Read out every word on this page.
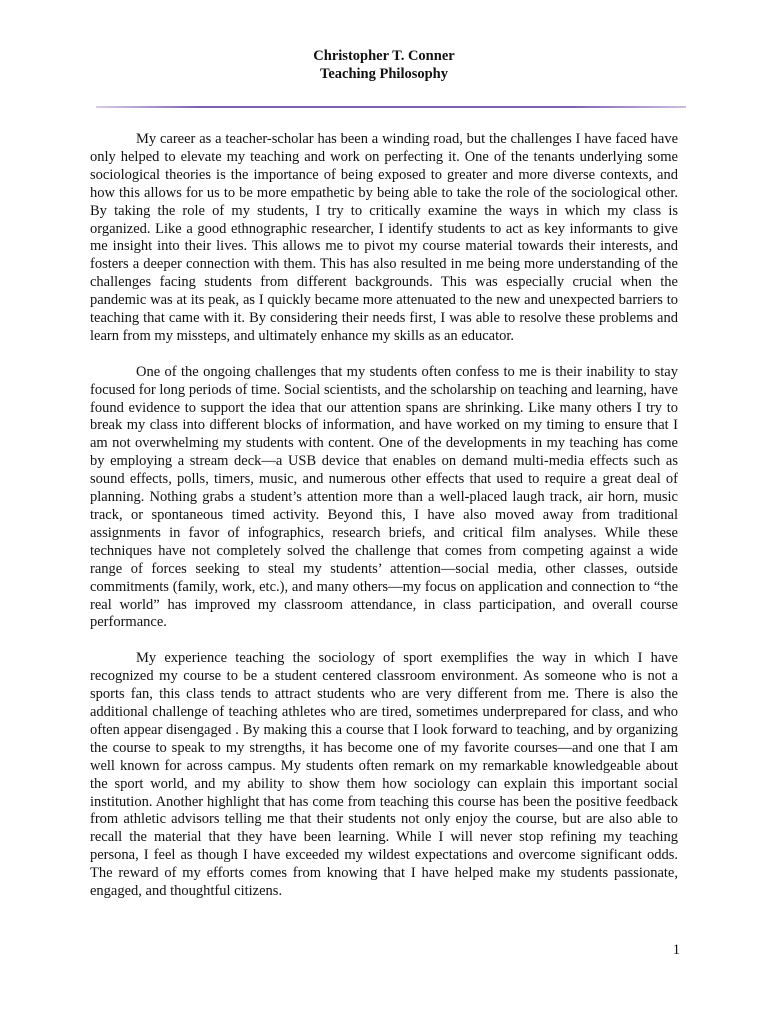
Christopher T. Conner
Teaching Philosophy

My career as a teacher-scholar has been a winding road, but the challenges I have faced have only helped to elevate my teaching and work on perfecting it. One of the tenants underlying some sociological theories is the importance of being exposed to greater and more diverse contexts, and how this allows for us to be more empathetic by being able to take the role of the sociological other. By taking the role of my students, I try to critically examine the ways in which my class is organized. Like a good ethnographic researcher, I identify students to act as key informants to give me insight into their lives. This allows me to pivot my course material towards their interests, and fosters a deeper connection with them. This has also resulted in me being more understanding of the challenges facing students from different backgrounds. This was especially crucial when the pandemic was at its peak, as I quickly became more attenuated to the new and unexpected barriers to teaching that came with it. By considering their needs first, I was able to resolve these problems and learn from my missteps, and ultimately enhance my skills as an educator.

One of the ongoing challenges that my students often confess to me is their inability to stay focused for long periods of time. Social scientists, and the scholarship on teaching and learning, have found evidence to support the idea that our attention spans are shrinking. Like many others I try to break my class into different blocks of information, and have worked on my timing to ensure that I am not overwhelming my students with content. One of the developments in my teaching has come by employing a stream deck—a USB device that enables on demand multi-media effects such as sound effects, polls, timers, music, and numerous other effects that used to require a great deal of planning. Nothing grabs a student’s attention more than a well-placed laugh track, air horn, music track, or spontaneous timed activity. Beyond this, I have also moved away from traditional assignments in favor of infographics, research briefs, and critical film analyses. While these techniques have not completely solved the challenge that comes from competing against a wide range of forces seeking to steal my students’ attention—social media, other classes, outside commitments (family, work, etc.), and many others—my focus on application and connection to “the real world” has improved my classroom attendance, in class participation, and overall course performance.

My experience teaching the sociology of sport exemplifies the way in which I have recognized my course to be a student centered classroom environment. As someone who is not a sports fan, this class tends to attract students who are very different from me. There is also the additional challenge of teaching athletes who are tired, sometimes underprepared for class, and who often appear disengaged . By making this a course that I look forward to teaching, and by organizing the course to speak to my strengths, it has become one of my favorite courses—and one that I am well known for across campus. My students often remark on my remarkable knowledgeable about the sport world, and my ability to show them how sociology can explain this important social institution. Another highlight that has come from teaching this course has been the positive feedback from athletic advisors telling me that their students not only enjoy the course, but are also able to recall the material that they have been learning. While I will never stop refining my teaching persona, I feel as though I have exceeded my wildest expectations and overcome significant odds. The reward of my efforts comes from knowing that I have helped make my students passionate, engaged, and thoughtful citizens.

1
